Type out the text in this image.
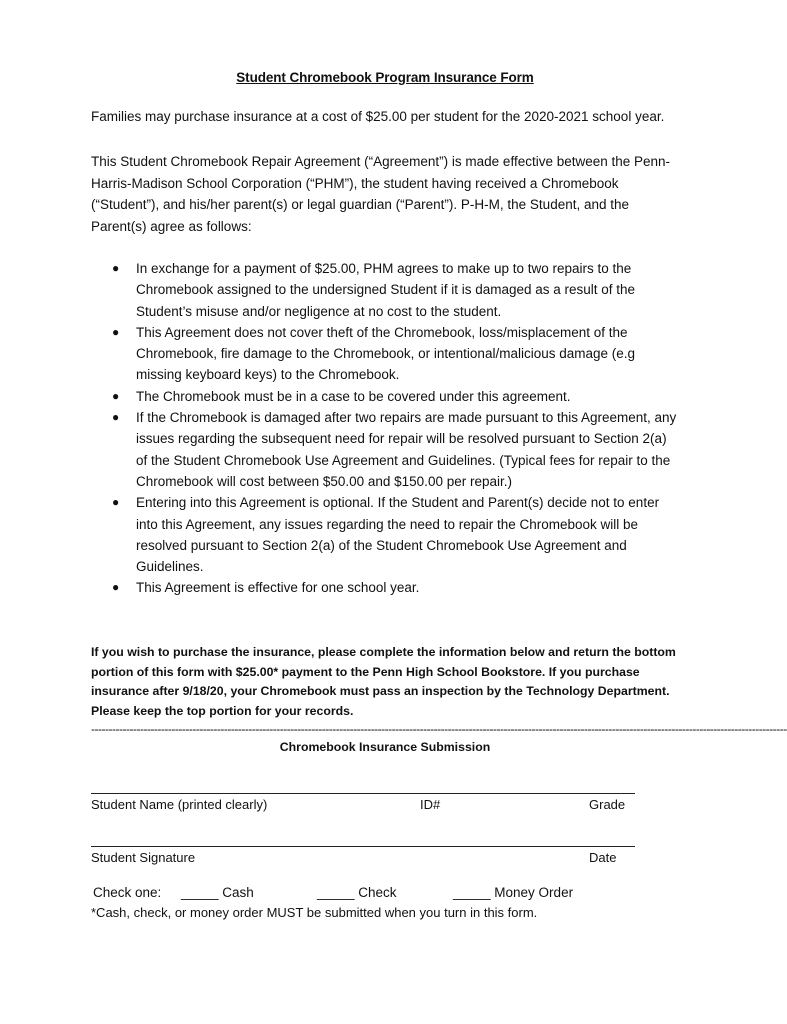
Student Chromebook Program Insurance Form
Families may purchase insurance at a cost of $25.00 per student for the 2020-2021 school year.

This Student Chromebook Repair Agreement (“Agreement”) is made effective between the Penn-Harris-Madison School Corporation (“PHM”), the student having received a Chromebook (“Student”), and his/her parent(s) or legal guardian (“Parent”). P-H-M, the Student, and the Parent(s) agree as follows:

● In exchange for a payment of $25.00, PHM agrees to make up to two repairs to the Chromebook assigned to the undersigned Student if it is damaged as a result of the Student’s misuse and/or negligence at no cost to the student.
● This Agreement does not cover theft of the Chromebook, loss/misplacement of the Chromebook, fire damage to the Chromebook, or intentional/malicious damage (e.g missing keyboard keys) to the Chromebook.
● The Chromebook must be in a case to be covered under this agreement.
● If the Chromebook is damaged after two repairs are made pursuant to this Agreement, any issues regarding the subsequent need for repair will be resolved pursuant to Section 2(a) of the Student Chromebook Use Agreement and Guidelines. (Typical fees for repair to the Chromebook will cost between $50.00 and $150.00 per repair.)
● Entering into this Agreement is optional. If the Student and Parent(s) decide not to enter into this Agreement, any issues regarding the need to repair the Chromebook will be resolved pursuant to Section 2(a) of the Student Chromebook Use Agreement and Guidelines.
● This Agreement is effective for one school year.

If you wish to purchase the insurance, please complete the information below and return the bottom portion of this form with $25.00* payment to the Penn High School Bookstore. If you purchase insurance after 9/18/20, your Chromebook must pass an inspection by the Technology Department. Please keep the top portion for your records.

-------------------------------------------------------------------------------------------------------------------------------------------------------------------------------------------------------
Chromebook Insurance Submission
Student Name (printed clearly)	ID#	Grade
Student Signature	Date
Check one: _____ Cash	_____ Check	_____ Money Order
*Cash, check, or money order MUST be submitted when you turn in this form.
